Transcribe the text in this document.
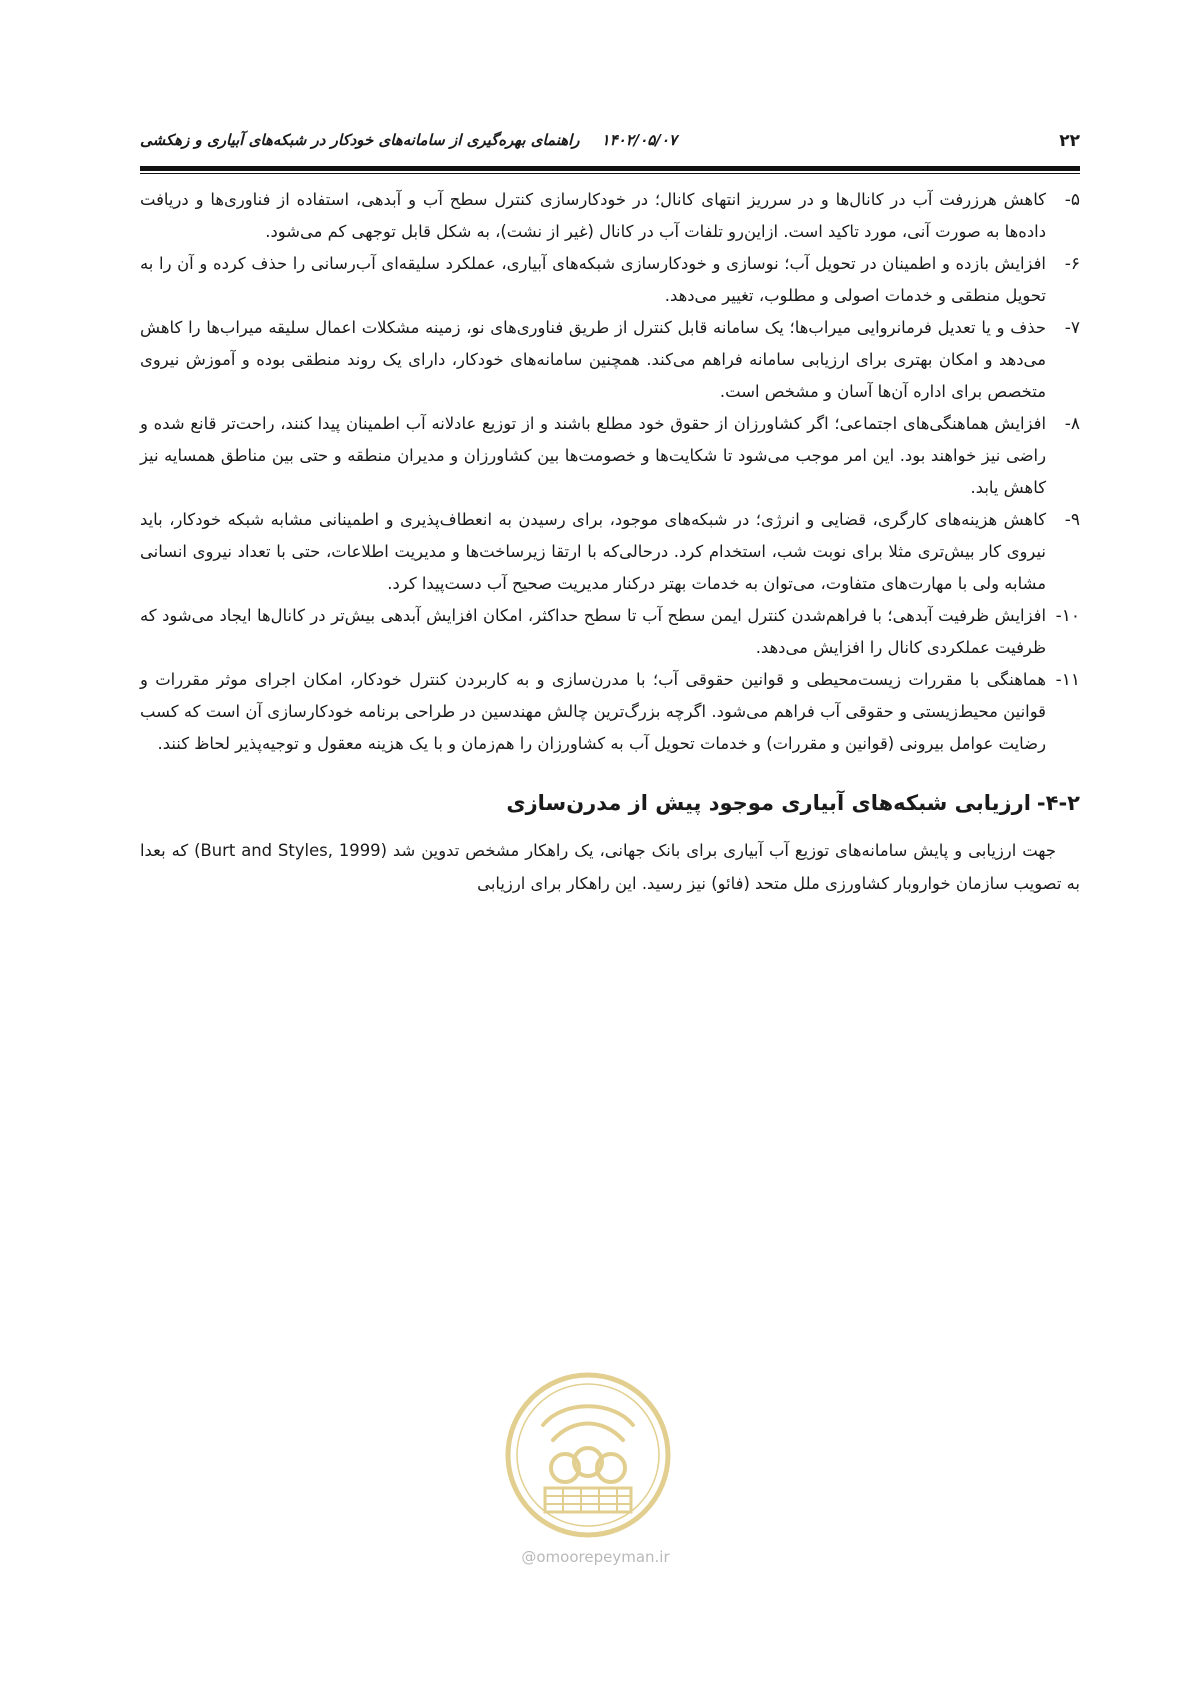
۲۲
۱۴۰۲/۰۵/۰۷راهنمای بهره‌گیری از سامانه‌های خودکار در شبکه‌های آبیاری و زهکشی
۵-
کاهش هرزرفت آب در کانال‌ها و در سرریز انتهای کانال؛ در خودکارسازی کنترل سطح آب و آبدهی، استفاده از فناوری‌ها و دریافت داده‌ها به صورت آنی، مورد تاکید است. ازاین‌رو تلفات آب در کانال (غیر از نشت)، به شکل قابل توجهی کم می‌شود.
۶-
افزایش بازده و اطمینان در تحویل آب؛ نوسازی و خودکارسازی شبکه‌های آبیاری، عملکرد سلیقه‌ای آب‌رسانی را حذف کرده و آن را به تحویل منطقی و خدمات اصولی و مطلوب، تغییر می‌دهد.
۷-
حذف و یا تعدیل فرمانروایی میراب‌ها؛ یک سامانه قابل کنترل از طریق فناوری‌های نو، زمینه مشکلات اعمال سلیقه میراب‌ها را کاهش می‌دهد و امکان بهتری برای ارزیابی سامانه فراهم می‌کند. همچنین سامانه‌های خودکار، دارای یک روند منطقی بوده و آموزش نیروی متخصص برای اداره آن‌ها آسان و مشخص است.
۸-
افزایش هماهنگی‌های اجتماعی؛ اگر کشاورزان از حقوق خود مطلع باشند و از توزیع عادلانه آب اطمینان پیدا کنند، راحت‌تر قانع شده و راضی نیز خواهند بود. این امر موجب می‌شود تا شکایت‌ها و خصومت‌ها بین کشاورزان و مدیران منطقه و حتی بین مناطق همسایه نیز کاهش یابد.
۹-
کاهش هزینه‌های کارگری، قضایی و انرژی؛ در شبکه‌های موجود، برای رسیدن به انعطاف‌پذیری و اطمینانی مشابه شبکه خودکار، باید نیروی کار بیش‌تری مثلا برای نوبت شب، استخدام کرد. درحالی‌که با ارتقا زیرساخت‌ها و مدیریت اطلاعات، حتی با تعداد نیروی انسانی مشابه ولی با مهارت‌های متفاوت، می‌توان به خدمات بهتر درکنار مدیریت صحیح آب دست‌پیدا کرد.
۱۰-
افزایش ظرفیت آبدهی؛ با فراهم‌شدن کنترل ایمن سطح آب تا سطح حداکثر، امکان افزایش آبدهی بیش‌تر در کانال‌ها ایجاد می‌شود که ظرفیت عملکردی کانال را افزایش می‌دهد.
۱۱-
هماهنگی با مقررات زیست‌محیطی و قوانین حقوقی آب؛ با مدرن‌سازی و به کاربردن کنترل خودکار، امکان اجرای موثر مقررات و قوانین محیط‌زیستی و حقوقی آب فراهم می‌شود. اگرچه بزرگ‌ترین چالش مهندسین در طراحی برنامه خودکارسازی آن است که کسب رضایت عوامل بیرونی (قوانین و مقررات) و خدمات تحویل آب به کشاورزان را هم‌زمان و با یک هزینه معقول و توجیه‌پذیر لحاظ کنند.
۴-۲-ارزیابی شبکه‌های آبیاری موجود پیش از مدرن‌سازی
جهت ارزیابی و پایش سامانه‌های توزیع آب آبیاری برای بانک جهانی، یک راهکار مشخص تدوین شد (Burt and Styles, 1999) که بعدا به تصویب سازمان خواروبار کشاورزی ملل متحد (فائو) نیز رسید. این راهکار برای ارزیابی
@omoorepeyman.ir
